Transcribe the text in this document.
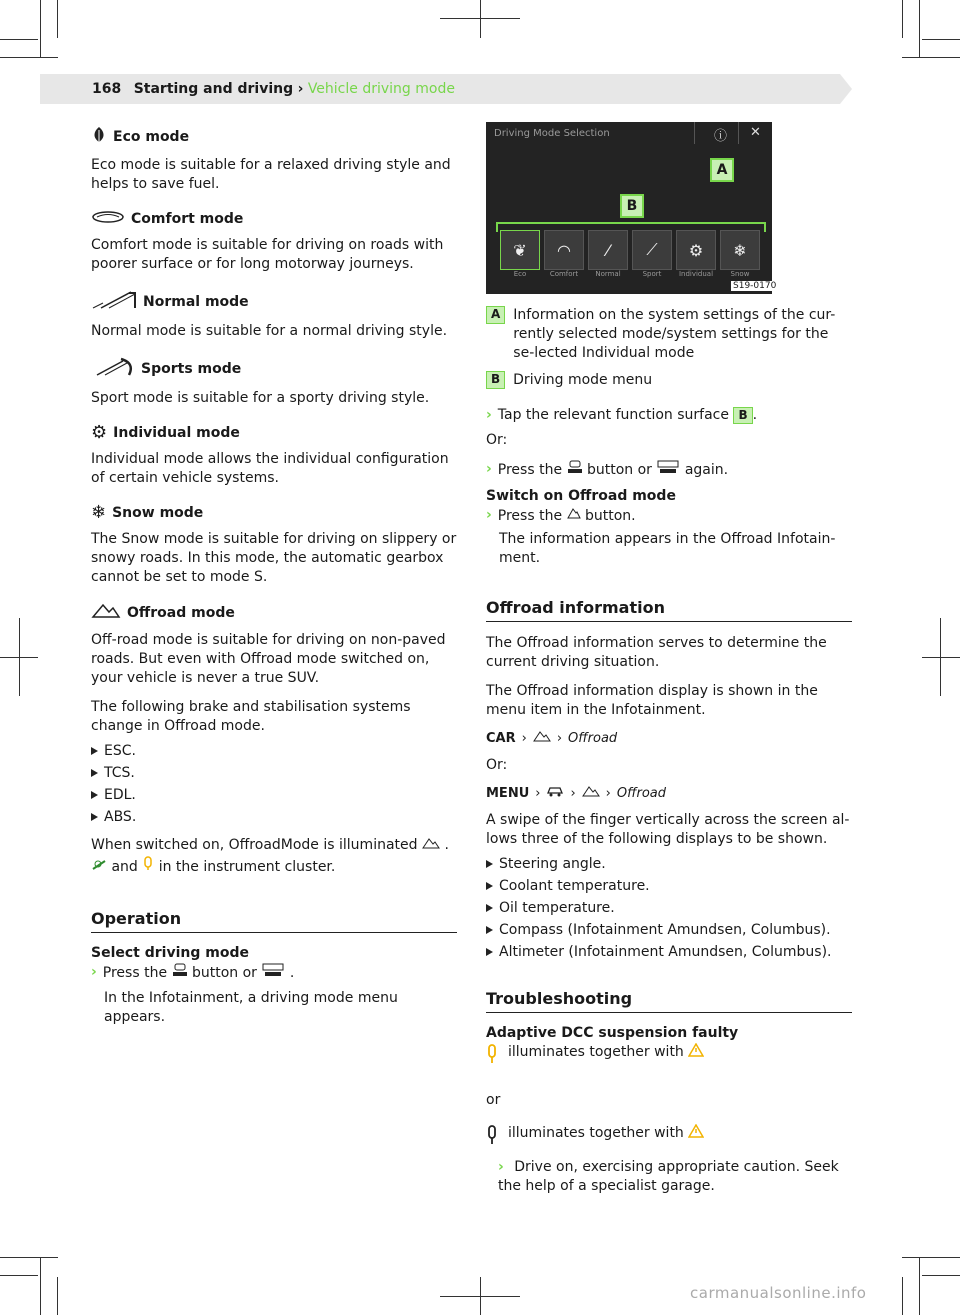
168 Starting and driving › Vehicle driving mode
Eco mode

Eco mode is suitable for a relaxed driving style and helps to save fuel.

Comfort mode

Comfort mode is suitable for driving on roads with poorer surface or for long motorway journeys.

Normal mode

Normal mode is suitable for a normal driving style.

Sports mode

Sport mode is suitable for a sporty driving style.

⚙ Individual mode

Individual mode allows the individual configuration of certain vehicle systems.

❄ Snow mode

The Snow mode is suitable for driving on slippery or snowy roads. In this mode, the automatic gearbox cannot be set to mode S.

Offroad mode

Off-road mode is suitable for driving on non-paved roads. But even with Offroad mode switched on, your vehicle is never a true SUV.

The following brake and stabilisation systems change in Offroad mode.

ESC.
TCS.
EDL.
ABS.

When switched on, OffroadMode is illuminated  .
and in the instrument cluster.

Operation
Select driving mode
› Press the button or .
In the Infotainment, a driving mode menu appears.
Driving Mode Selection	ⓘ ✕
A
B
❦ ◠ ⁄ ⟋ ⚙ ❄
Eco	Comfort	Normal	Sport	Individual	Snow
S19-0170
A Information on the system settings of the cur-rently selected mode/system settings for the se-lected Individual mode
B Driving mode menu
› Tap the relevant function surface B .

Or:

› Press the button or again.
Switch on Offroad mode
› Press the button.
The information appears in the Offroad Infotain-ment.
Offroad information

The Offroad information serves to determine the current driving situation.

The Offroad information display is shown in the menu item in the Infotainment.

CAR › › Offroad

Or:

MENU › › › Offroad

A swipe of the finger vertically across the screen al-lows three of the following displays to be shown.

Steering angle.
Coolant temperature.
Oil temperature.
Compass (Infotainment Amundsen, Columbus).
Altimeter (Infotainment Amundsen, Columbus).
Troubleshooting
Adaptive DCC suspension faulty
illuminates together with

or

illuminates together with
› Drive on, exercising appropriate caution. Seek the help of a specialist garage.
carmanualsonline.info
